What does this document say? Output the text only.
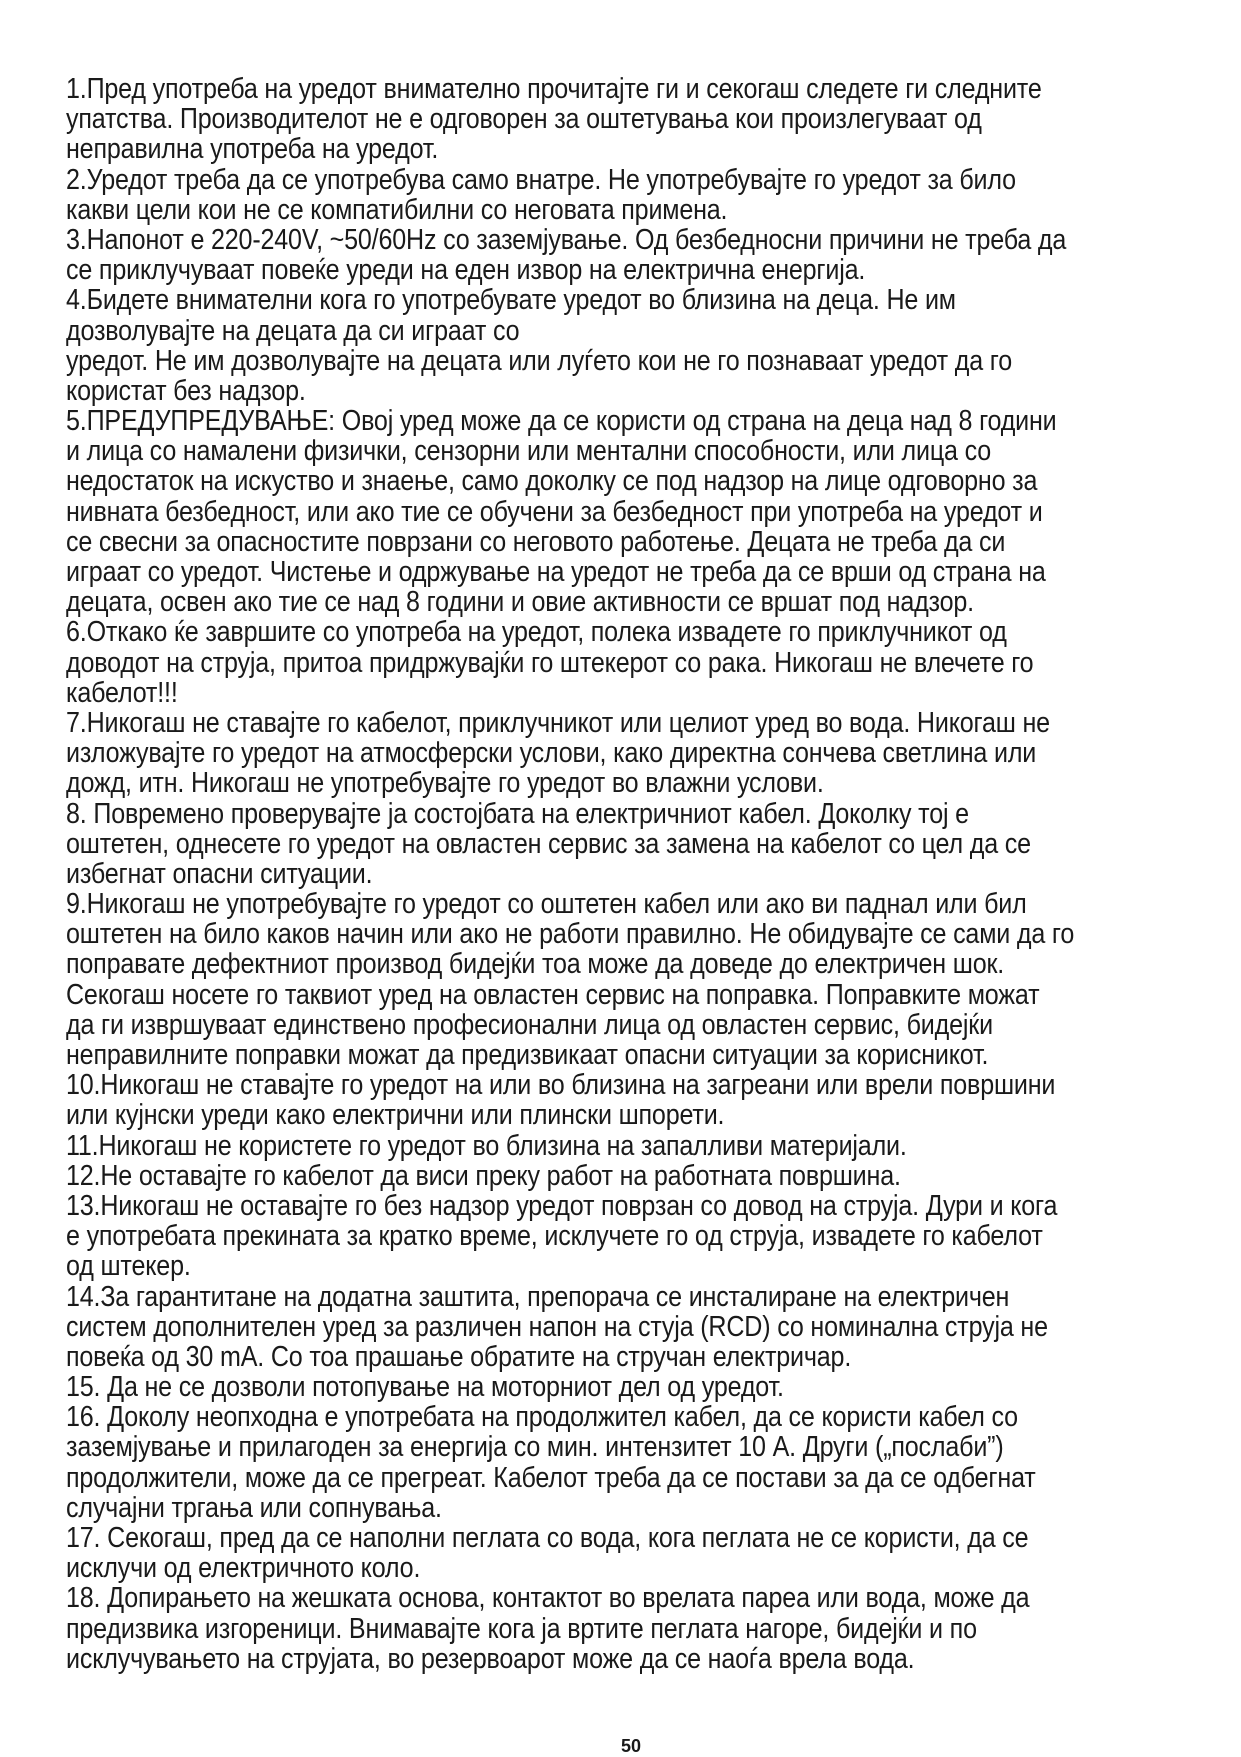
1.Пред употреба на уредот внимателно прочитајте ги и секогаш следете ги следните
упатства. Производителот не е одговорен за оштетувања кои произлегуваат од
неправилна употреба на уредот.
2.Уредот треба да се употребува само внатре. Не употребувајте го уредот за било
какви цели кои не се компатибилни со неговата примена.
3.Напонот е 220-240V, ~50/60Hz со заземјување. Од безбедносни причини не треба да
се приклучуваат повеќе уреди на еден извор на електрична енергија.
4.Бидете внимателни кога го употребувате уредот во близина на деца. Не им
дозволувајте на децата да си играат со
уредот. Не им дозволувајте на децата или луѓето кои не го познаваат уредот да го
користат без надзор.
5.ПРЕДУПРЕДУВАЊЕ: Овој уред може да се користи од страна на деца над 8 години
и лица со намалени физички, сензорни или ментални способности, или лица со
недостаток на искуство и знаење, само доколку се под надзор на лице одговорно за
нивната безбедност, или ако тие се обучени за безбедност при употреба на уредот и
се свесни за опасностите поврзани со неговото работење. Децата не треба да си
играат со уредот. Чистење и одржување на уредот не треба да се врши од страна на
децата, освен ако тие се над 8 години и овие активности се вршат под надзор.
6.Откако ќе завршите со употреба на уредот, полека извадете го приклучникот од
доводот на струја, притоа придржувајќи го штекерот со рака. Никогаш не влечете го
кабелот!!!
7.Никогаш не ставајте го кабелот, приклучникот или целиот уред во вода. Никогаш не
изложувајте го уредот на атмосферски услови, како директна сончева светлина или
дожд, итн. Никогаш не употребувајте го уредот во влажни услови.
8. Повремено проверувајте ја состојбата на електричниот кабел. Доколку тој е
оштетен, однесете го уредот на овластен сервис за замена на кабелот со цел да се
избегнат опасни ситуации.
9.Никогаш не употребувајте го уредот со оштетен кабел или ако ви паднал или бил
оштетен на било каков начин или ако не работи правилно. Не обидувајте се сами да го
поправате дефектниот производ бидејќи тоа може да доведе до електричен шок.
Секогаш носете го таквиот уред на овластен сервис на поправка. Поправките можат
да ги извршуваат единствено професионални лица од овластен сервис, бидејќи
неправилните поправки можат да предизвикаат опасни ситуации за корисникот.
10.Никогаш не ставајте го уредот на или во близина на загреани или врели површини
или кујнски уреди како електрични или плински шпорети.
11.Никогаш не користете го уредот во близина на запалливи материјали.
12.Не оставајте го кабелот да виси преку работ на работната површина.
13.Никогаш не оставајте го без надзор уредот поврзан со довод на струја. Дури и кога
е употребата прекината за кратко време, исклучете го од струја, извадете го кабелот
од штекер.
14.За гарантитане на додатна заштита, препорача се инсталиране на електричен
систем дополнителен уред за различен напон на стуја (RCD) со номинална струја не
повеќа од 30 mA. Со тоа прашање обратите на стручан електричар.
15. Да не се дозволи потопување на моторниот дел од уредот.
16. Доколу неопходна е употребата на продолжител кабел, да се користи кабел со
заземјување и прилагоден за енергија со мин. интензитет 10 А. Други („послаби”)
продолжители, може да се прегреат. Кабелот треба да се постави за да се одбегнат
случајни тргања или сопнувања.
17. Секогаш, пред да се наполни пеглата со вода, кога пеглата не се користи, да се
исклучи од електричното коло.
18. Допирањето на жешката основа, контактот во врелата пареа или вода, може да
предизвика изгореници. Внимавајте кога ја вртите пеглата нагоре, бидејќи и по
исклучувањето на струјата, во резервоарот може да се наоѓа врела вода.
50
